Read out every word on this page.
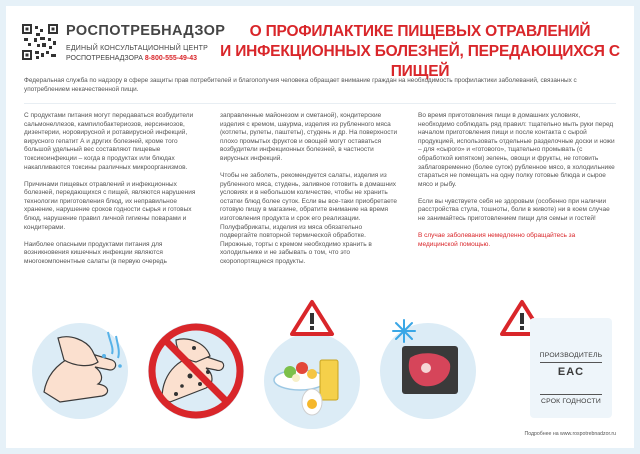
РОСПОТРЕБНАДЗОР
ЕДИНЫЙ КОНСУЛЬТАЦИОННЫЙ ЦЕНТР
РОСПОТРЕБНАДЗОРА 8-800-555-49-43
О ПРОФИЛАКТИКЕ ПИЩЕВЫХ ОТРАВЛЕНИЙ
И ИНФЕКЦИОННЫХ БОЛЕЗНЕЙ, ПЕРЕДАЮЩИХСЯ С ПИЩЕЙ
Федеральная служба по надзору в сфере защиты прав потребителей и благополучия человека обращает внимание граждан на необходимость профилактики заболеваний, связанных с употреблением некачественной пищи.

С продуктами питания могут передаваться возбудители сальмонеллезов, кампилобактериозов, иерсиниозов, дизентерии, норовирусной и ротавирусной инфекций, вирусного гепатит А и других болезней, кроме того большой удельный вес составляют пищевые токсикоинфекции – когда в продуктах или блюдах накапливаются токсины различных микроорганизмов.

Причинами пищевых отравлений и инфекционных болезней, передающихся с пищей, являются нарушения технологии приготовления блюд, их неправильное хранение, нарушение сроков годности сырья и готовых блюд, нарушение правил личной гигиены поварами и кондитерами.

Наиболее опасными продуктами питания для возникновения кишечных инфекции являются многокомпонентные салаты (в первую очередь

заправленные майонезом и сметаной), кондитерские изделия с кремом, шаурма, изделия из рубленного мяса (котлеты, рулеты, паштеты), студень и др. На поверхности плохо промытых фруктов и овощей могут оставаться возбудители инфекционных болезней, в частности вирусных инфекций.

Чтобы не заболеть, рекомендуется салаты, изделия из рубленного мяса, студень, заливное готовить в домашних условиях и в небольшом количестве, чтобы не хранить остатки блюд более суток. Если вы все-таки приобретаете готовую пищу в магазине, обратите внимание на время изготовления продукта и срок его реализации. Полуфабрикаты, изделия из мяса обязательно подвергайте повторной термической обработке. Пирожные, торты с кремом необходимо хранить в холодильнике и не забывать о том, что это скоропортящиеся продукты.

Во время приготовления пищи в домашних условиях, необходимо соблюдать ряд правил: тщательно мыть руки перед началом приготовления пищи и после контакта с сырой продукцией, использовать отдельные разделочные доски и ножи – для «сырого» и «готового», тщательно промывать (с обработкой кипятком) зелень, овощи и фрукты, не готовить заблаговременно (более суток) рубленное мясо, в холодильнике стараться не помещать на одну полку готовые блюда и сырое мясо и рыбу.

Если вы чувствуете себя не здоровым (особенно при наличии расстройства стула, тошноты, боли в животе) ни в коем случае не занимайтесь приготовлением пищи для семьи и гостей!

В случае заболевания немедленно обращайтесь за медицинской помощью.

ПРОИЗВОДИТЕЛЬ
EAC
СРОК ГОДНОСТИ
Подробнее на www.rospotrebnadzor.ru
